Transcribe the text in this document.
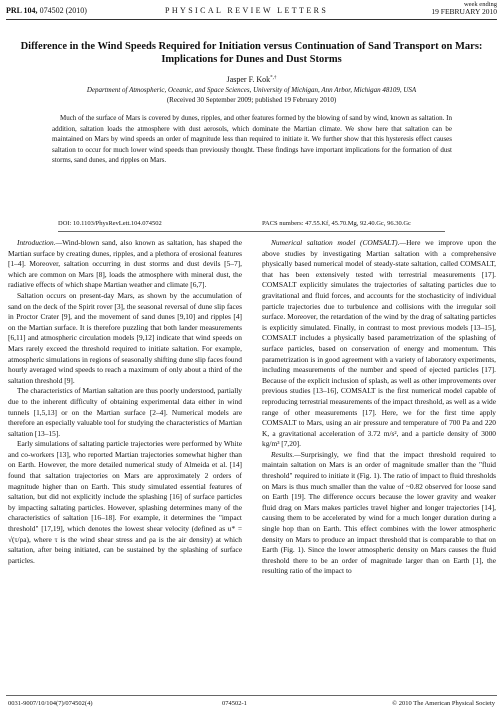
PRL 104, 074502 (2010)	PHYSICAL REVIEW LETTERS
week ending
19 FEBRUARY 2010
Difference in the Wind Speeds Required for Initiation versus Continuation of Sand Transport on Mars: Implications for Dunes and Dust Storms
Jasper F. Kok*,†
Department of Atmospheric, Oceanic, and Space Sciences, University of Michigan, Ann Arbor, Michigan 48109, USA
(Received 30 September 2009; published 19 February 2010)
Much of the surface of Mars is covered by dunes, ripples, and other features formed by the blowing of sand by wind, known as saltation. In addition, saltation loads the atmosphere with dust aerosols, which dominate the Martian climate. We show here that saltation can be maintained on Mars by wind speeds an order of magnitude less than required to initiate it. We further show that this hysteresis effect causes saltation to occur for much lower wind speeds than previously thought. These findings have important implications for the formation of dust storms, sand dunes, and ripples on Mars.
DOI: 10.1103/PhysRevLett.104.074502	PACS numbers: 47.55.Kf, 45.70.Mg, 92.40.Gc, 96.30.Gc

Introduction.—Wind-blown sand, also known as saltation, has shaped the Martian surface by creating dunes, ripples, and a plethora of erosional features [1–4]. Moreover, saltation occurring in dust storms and dust devils [5–7], which are common on Mars [8], loads the atmosphere with mineral dust, the radiative effects of which shape Martian weather and climate [6,7].

Saltation occurs on present-day Mars, as shown by the accumulation of sand on the deck of the Spirit rover [3], the seasonal reversal of dune slip faces in Proctor Crater [9], and the movement of sand dunes [9,10] and ripples [4] on the Martian surface. It is therefore puzzling that both lander measurements [6,11] and atmospheric circulation models [9,12] indicate that wind speeds on Mars rarely exceed the threshold required to initiate saltation. For example, atmospheric simulations in regions of seasonally shifting dune slip faces found hourly averaged wind speeds to reach a maximum of only about a third of the saltation threshold [9].

The characteristics of Martian saltation are thus poorly understood, partially due to the inherent difficulty of obtaining experimental data either in wind tunnels [1,5,13] or on the Martian surface [2–4]. Numerical models are therefore an especially valuable tool for studying the characteristics of Martian saltation [13–15].

Early simulations of saltating particle trajectories were performed by White and co-workers [13], who reported Martian trajectories somewhat higher than on Earth. However, the more detailed numerical study of Almeida et al. [14] found that saltation trajectories on Mars are approximately 2 orders of magnitude higher than on Earth. This study simulated essential features of saltation, but did not explicitly include the splashing [16] of surface particles by impacting saltating particles. However, splashing determines many of the characteristics of saltation [16–18]. For example, it determines the "impact threshold" [17,19], which denotes the lowest shear velocity (defined as u* = √(τ/ρa), where τ is the wind shear stress and ρa is the air density) at which saltation, after being initiated, can be sustained by the splashing of surface particles.

Numerical saltation model (COMSALT).—Here we improve upon the above studies by investigating Martian saltation with a comprehensive physically based numerical model of steady-state saltation, called COMSALT, that has been extensively tested with terrestrial measurements [17]. COMSALT explicitly simulates the trajectories of saltating particles due to gravitational and fluid forces, and accounts for the stochasticity of individual particle trajectories due to turbulence and collisions with the irregular soil surface. Moreover, the retardation of the wind by the drag of saltating particles is explicitly simulated. Finally, in contrast to most previous models [13–15], COMSALT includes a physically based parametrization of the splashing of surface particles, based on conservation of energy and momentum. This parametrization is in good agreement with a variety of laboratory experiments, including measurements of the number and speed of ejected particles [17]. Because of the explicit inclusion of splash, as well as other improvements over previous studies [13–16], COMSALT is the first numerical model capable of reproducing terrestrial measurements of the impact threshold, as well as a wide range of other measurements [17]. Here, we for the first time apply COMSALT to Mars, using an air pressure and temperature of 700 Pa and 220 K, a gravitational acceleration of 3.72 m/s², and a particle density of 3000 kg/m³ [7,20].

Results.—Surprisingly, we find that the impact threshold required to maintain saltation on Mars is an order of magnitude smaller than the "fluid threshold" required to initiate it (Fig. 1). The ratio of impact to fluid thresholds on Mars is thus much smaller than the value of ~0.82 observed for loose sand on Earth [19]. The difference occurs because the lower gravity and weaker fluid drag on Mars makes particles travel higher and longer trajectories [14], causing them to be accelerated by wind for a much longer duration during a single hop than on Earth. This effect combines with the lower atmospheric density on Mars to produce an impact threshold that is comparable to that on Earth (Fig. 1). Since the lower atmospheric density on Mars causes the fluid threshold there to be an order of magnitude larger than on Earth [1], the resulting ratio of the impact to

0031-9007/10/104(7)/074502(4)	074502-1	© 2010 The American Physical Society
